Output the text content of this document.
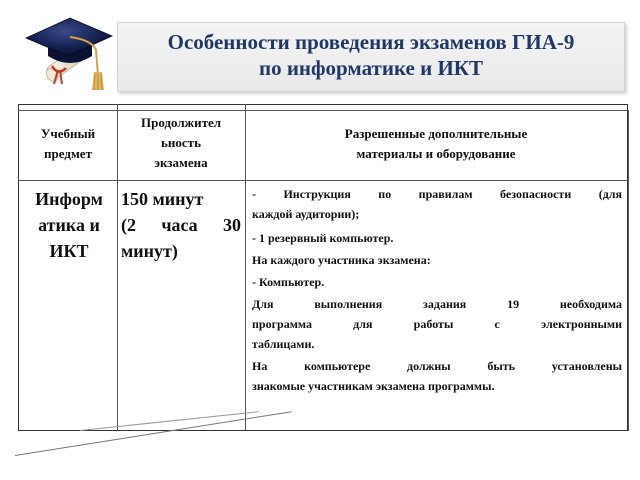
Особенности проведения экзаменов ГИА-9
по информатике и ИКТ
Учебный
предмет
Продолжител
ьность
экзамена
Разрешенные дополнительные
материалы и оборудование
Информ
атика и
ИКТ
150 минут
(2 часа 30
минут)
- Инструкция по правилам безопасности (для
каждой аудитории);
- 1 резервный компьютер.
На каждого участника экзамена:
- Компьютер.
Для выполнения задания 19 необходима
программа для работы с электронными
таблицами.
На компьютере должны быть установлены
знакомые участникам экзамена программы.
